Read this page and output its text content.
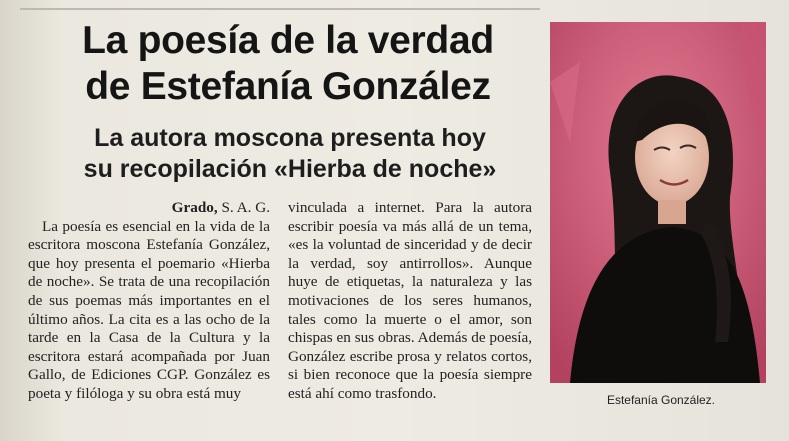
La poesía de la verdad
de Estefanía González
La autora moscona presenta hoy
su recopilación «Hierba de noche»
Grado, S. A. G.

La poesía es esencial en la vida de la escritora moscona Estefanía González, que hoy presenta el poemario «Hierba de noche». Se trata de una recopilación de sus poemas más importantes en el último años. La cita es a las ocho de la tarde en la Casa de la Cultura y la escritora estará acompañada por Juan Gallo, de Ediciones CGP. González es poeta y filóloga y su obra está muy

vinculada a internet. Para la autora escribir poesía va más allá de un tema, «es la voluntad de sinceridad y de decir la verdad, soy antirrollos». Aunque huye de etiquetas, la naturaleza y las motivaciones de los seres humanos, tales como la muerte o el amor, son chispas en sus obras. Además de poesía, González escribe prosa y relatos cortos, si bien reconoce que la poesía siempre está ahí como trasfondo.	Estefanía González.
